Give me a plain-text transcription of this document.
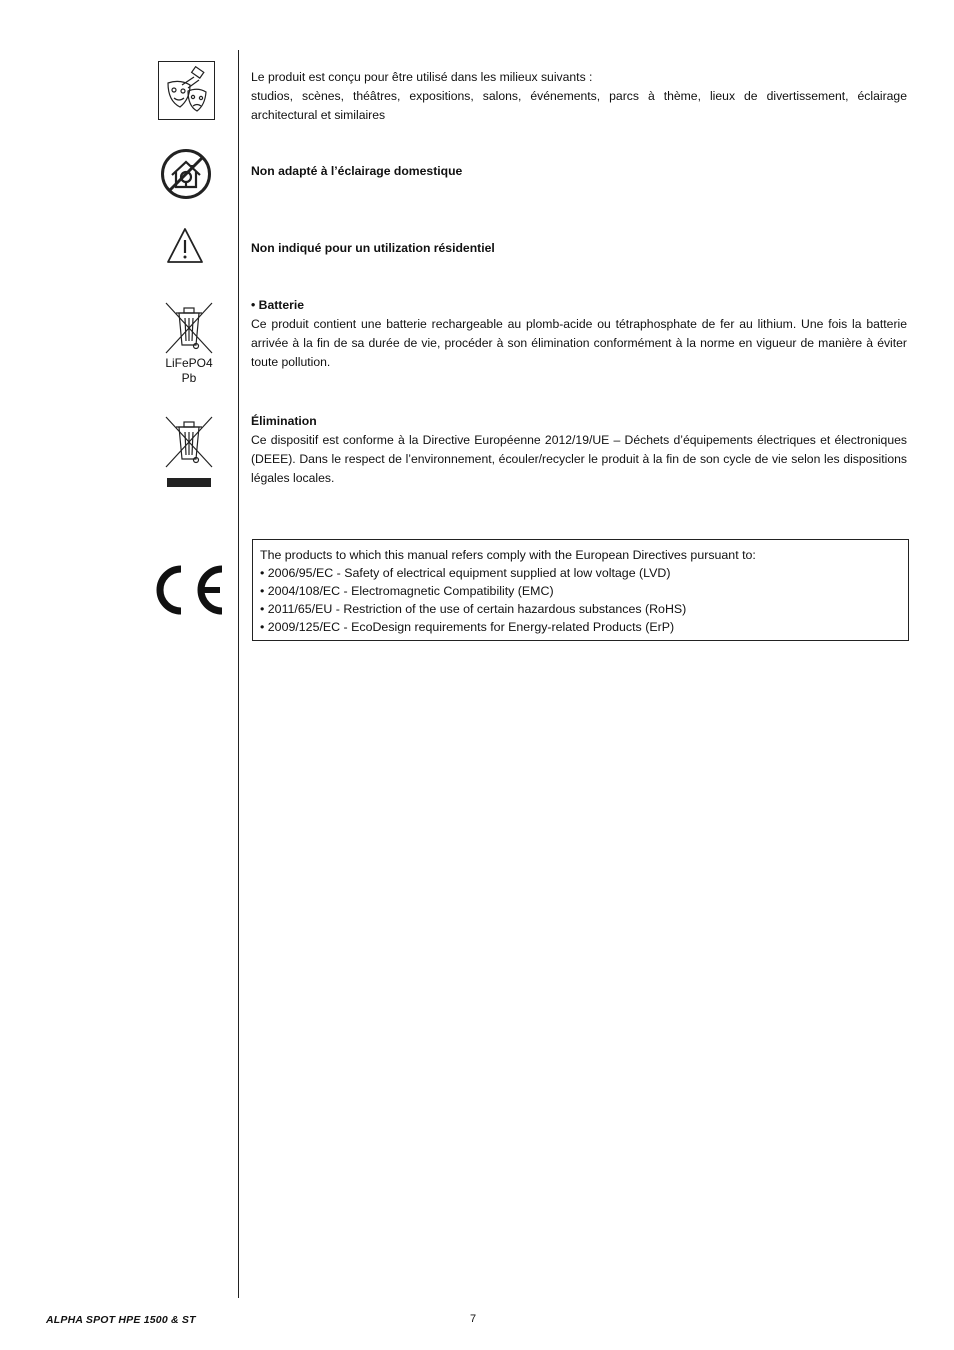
Le produit est conçu pour être utilisé dans les milieux suivants :

studios, scènes, théâtres, expositions, salons, événements, parcs à thème, lieux de divertissement, éclairage architectural et similaires

Non adapté à l’éclairage domestique
Non indiqué pour un utilization résidentiel
LiFePO4
Pb

• Batterie

Ce produit contient une batterie rechargeable au plomb-acide ou tétraphosphate de fer au lithium. Une fois la batterie arrivée à la fin de sa durée de vie, procéder à son élimination conformément à la norme en vigueur de manière à éviter toute pollution.

Élimination

Ce dispositif est conforme à la Directive Européenne 2012/19/UE – Déchets d’équipements électriques et électroniques (DEEE). Dans le respect de l’environnement, écouler/recycler le produit à la fin de son cycle de vie selon les dispositions légales locales.

The products to which this manual refers comply with the European Directives pursuant to:

• 2006/95/EC - Safety of electrical equipment supplied at low voltage (LVD)

• 2004/108/EC - Electromagnetic Compatibility (EMC)

• 2011/65/EU - Restriction of the use of certain hazardous substances (RoHS)

• 2009/125/EC - EcoDesign requirements for Energy-related Products (ErP)

ALPHA SPOT HPE 1500 & ST	7
